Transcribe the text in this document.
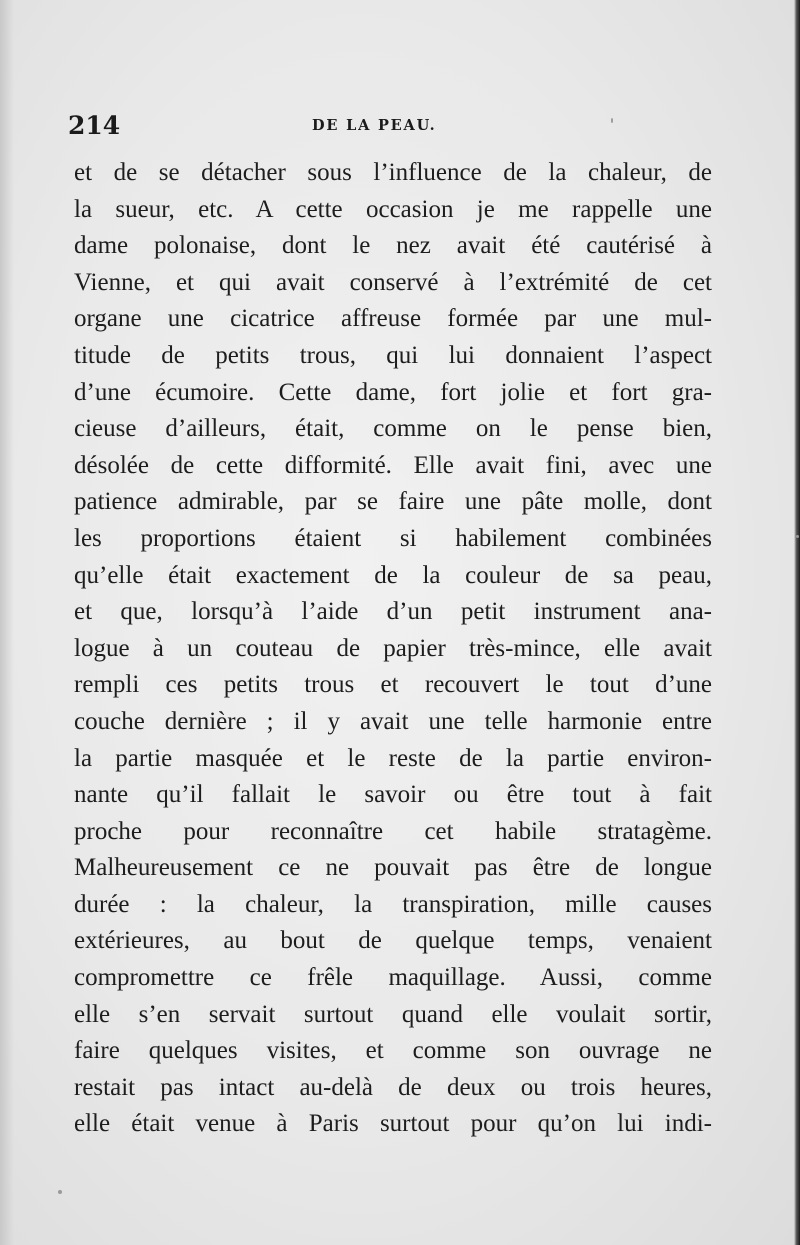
214	DE LA PEAU.
et de se détacher sous l’influence de la chaleur, de
la sueur, etc. A cette occasion je me rappelle une
dame polonaise, dont le nez avait été cautérisé à
Vienne, et qui avait conservé à l’extrémité de cet
organe une cicatrice affreuse formée par une mul-
titude de petits trous, qui lui donnaient l’aspect
d’une écumoire. Cette dame, fort jolie et fort gra-
cieuse d’ailleurs, était, comme on le pense bien,
désolée de cette difformité. Elle avait fini, avec une
patience admirable, par se faire une pâte molle, dont
les proportions étaient si habilement combinées
qu’elle était exactement de la couleur de sa peau,
et que, lorsqu’à l’aide d’un petit instrument ana-
logue à un couteau de papier très-mince, elle avait
rempli ces petits trous et recouvert le tout d’une
couche dernière ; il y avait une telle harmonie entre
la partie masquée et le reste de la partie environ-
nante qu’il fallait le savoir ou être tout à fait
proche pour reconnaître cet habile stratagème.
Malheureusement ce ne pouvait pas être de longue
durée : la chaleur, la transpiration, mille causes
extérieures, au bout de quelque temps, venaient
compromettre ce frêle maquillage. Aussi, comme
elle s’en servait surtout quand elle voulait sortir,
faire quelques visites, et comme son ouvrage ne
restait pas intact au-delà de deux ou trois heures,
elle était venue à Paris surtout pour qu’on lui indi-
